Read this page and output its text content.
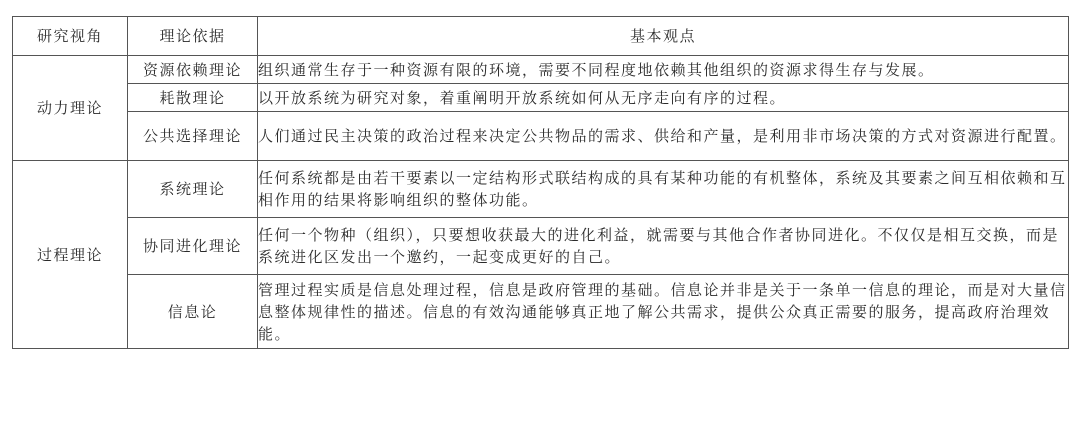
研究视角	理论依据	基本观点
动力理论	资源依赖理论	组织通常生存于一种资源有限的环境，需要不同程度地依赖其他组织的资源求得生存与发展。
	耗散理论	以开放系统为研究对象，着重阐明开放系统如何从无序走向有序的过程。
	公共选择理论	人们通过民主决策的政治过程来决定公共物品的需求、供给和产量，是利用非市场决策的方式对资源进行配置。
过程理论	系统理论	任何系统都是由若干要素以一定结构形式联结构成的具有某种功能的有机整体，系统及其要素之间互相依赖和互相作用的结果将影响组织的整体功能。
	协同进化理论	任何一个物种（组织），只要想收获最大的进化利益，就需要与其他合作者协同进化。不仅仅是相互交换，而是系统进化区发出一个邀约，一起变成更好的自己。
	信息论	管理过程实质是信息处理过程，信息是政府管理的基础。信息论并非是关于一条单一信息的理论，而是对大量信息整体规律性的描述。信息的有效沟通能够真正地了解公共需求，提供公众真正需要的服务，提高政府治理效能。
